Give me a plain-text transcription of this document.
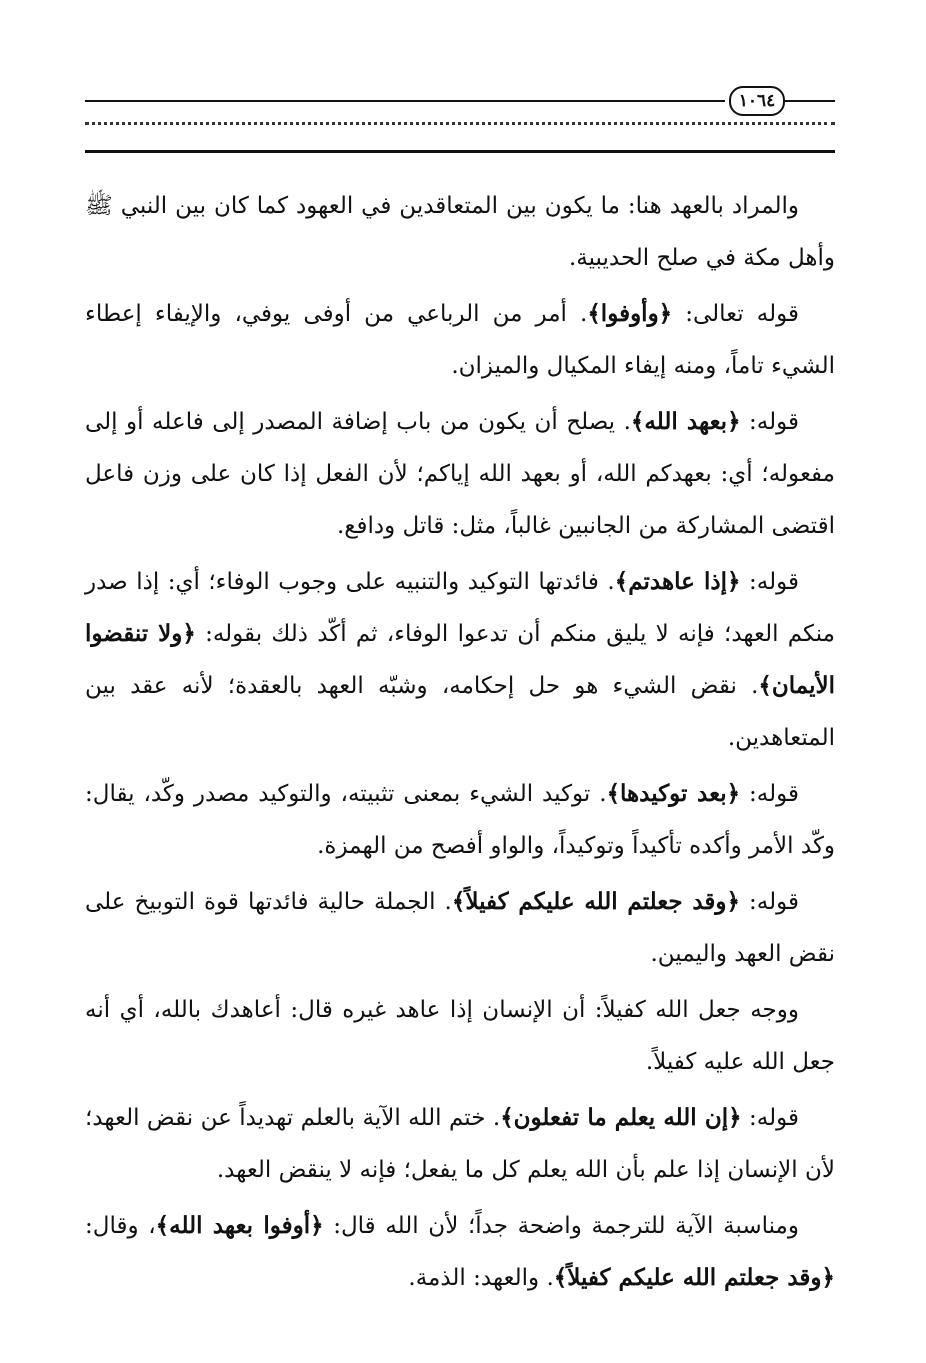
١٠٦٤

والمراد بالعهد هنا: ما يكون بين المتعاقدين في العهود كما كان بين النبي ﷺ وأهل مكة في صلح الحديبية.

قوله تعالى: ﴿وأوفوا﴾. أمر من الرباعي من أوفى يوفي، والإيفاء إعطاء الشيء تاماً، ومنه إيفاء المكيال والميزان.

قوله: ﴿بعهد الله﴾. يصلح أن يكون من باب إضافة المصدر إلى فاعله أو إلى مفعوله؛ أي: بعهدكم الله، أو بعهد الله إياكم؛ لأن الفعل إذا كان على وزن فاعل اقتضى المشاركة من الجانبين غالباً، مثل: قاتل ودافع.

قوله: ﴿إذا عاهدتم﴾. فائدتها التوكيد والتنبيه على وجوب الوفاء؛ أي: إذا صدر منكم العهد؛ فإنه لا يليق منكم أن تدعوا الوفاء، ثم أكّد ذلك بقوله: ﴿ولا تنقضوا الأيمان﴾. نقض الشيء هو حل إحكامه، وشبّه العهد بالعقدة؛ لأنه عقد بين المتعاهدين.

قوله: ﴿بعد توكيدها﴾. توكيد الشيء بمعنى تثبيته، والتوكيد مصدر وكّد، يقال: وكّد الأمر وأكده تأكيداً وتوكيداً، والواو أفصح من الهمزة.

قوله: ﴿وقد جعلتم الله عليكم كفيلاً﴾. الجملة حالية فائدتها قوة التوبيخ على نقض العهد واليمين.

ووجه جعل الله كفيلاً: أن الإنسان إذا عاهد غيره قال: أعاهدك بالله، أي أنه جعل الله عليه كفيلاً.

قوله: ﴿إن الله يعلم ما تفعلون﴾. ختم الله الآية بالعلم تهديداً عن نقض العهد؛ لأن الإنسان إذا علم بأن الله يعلم كل ما يفعل؛ فإنه لا ينقض العهد.

ومناسبة الآية للترجمة واضحة جداً؛ لأن الله قال: ﴿أوفوا بعهد الله﴾، وقال: ﴿وقد جعلتم الله عليكم كفيلاً﴾. والعهد: الذمة.
